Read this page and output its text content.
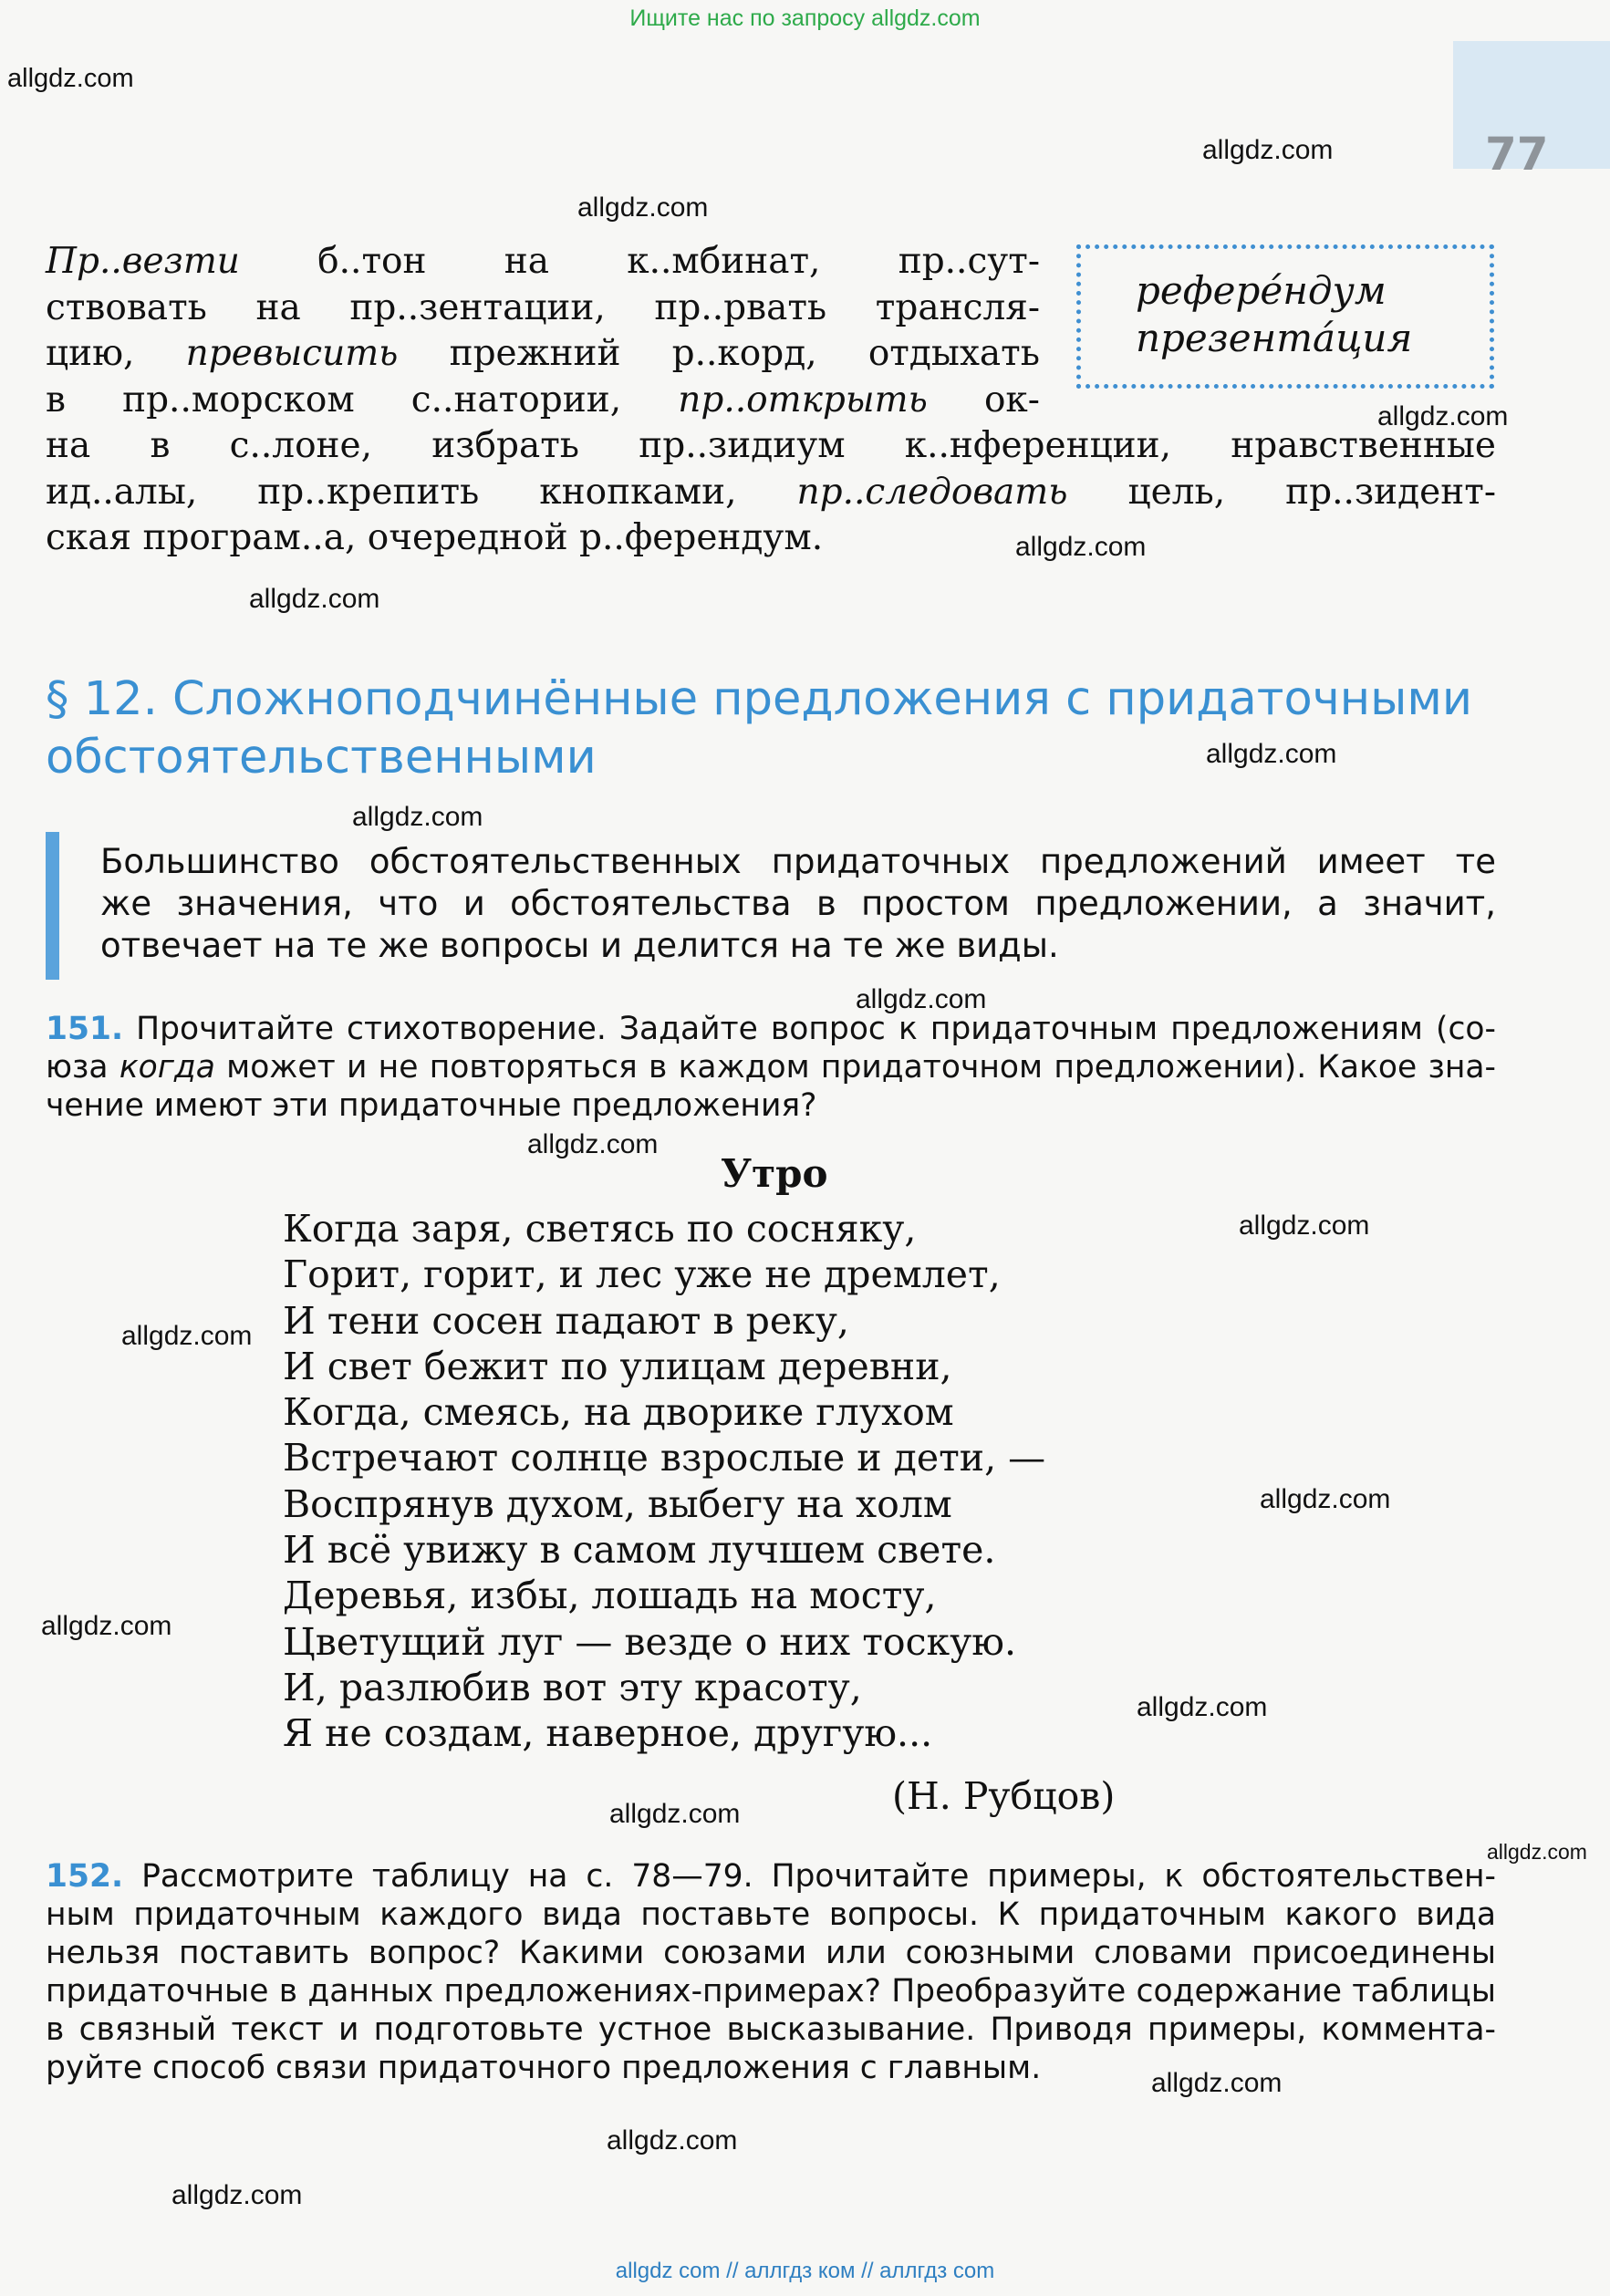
Ищите нас по запросу allgdz.com
77
allgdz.com
allgdz.com
allgdz.com
allgdz.com
allgdz.com
allgdz.com
allgdz.com
allgdz.com
allgdz.com
allgdz.com
allgdz.com
allgdz.com
allgdz.com
allgdz.com
allgdz.com
allgdz.com
allgdz.com
allgdz.com
allgdz.com
allgdz.com
Пр..везти б..тон на к..мбинат, пр..сут-
ствовать на пр..зентации, пр..рвать трансля-
цию, превысить прежний р..корд, отдыхать
в пр..морском с..натории, пр..открыть ок-
на в с..лоне, избрать пр..зидиум к..нференции, нравственные
ид..алы, пр..крепить кнопками, пр..следовать цель, пр..зидент-
ская програм..а, очередной р..ферендум.
рефере́ндум
презента́ция
§ 12. Сложноподчинённые предложения с придаточными
обстоятельственными
Большинство обстоятельственных придаточных предложений имеет те
же значения, что и обстоятельства в простом предложении, а значит,
отвечает на те же вопросы и делится на те же виды.
151. Прочитайте стихотворение. Задайте вопрос к придаточным предложениям (со-
юза когда может и не повторяться в каждом придаточном предложении). Какое зна-
чение имеют эти придаточные предложения?
Утро
Когда заря, светясь по сосняку,
Горит, горит, и лес уже не дремлет,
И тени сосен падают в реку,
И свет бежит по улицам деревни,
Когда, смеясь, на дворике глухом
Встречают солнце взрослые и дети, —
Воспрянув духом, выбегу на холм
И всё увижу в самом лучшем свете.
Деревья, избы, лошадь на мосту,
Цветущий луг — везде о них тоскую.
И, разлюбив вот эту красоту,
Я не создам, наверное, другую...
(Н. Рубцов)
152. Рассмотрите таблицу на с. 78—79. Прочитайте примеры, к обстоятельствен-
ным придаточным каждого вида поставьте вопросы. К придаточным какого вида
нельзя поставить вопрос? Какими союзами или союзными словами присоединены
придаточные в данных предложениях-примерах? Преобразуйте содержание таблицы
в связный текст и подготовьте устное высказывание. Приводя примеры, коммента-
руйте способ связи придаточного предложения с главным.
allgdz com // аллгдз ком // аллгдз com
